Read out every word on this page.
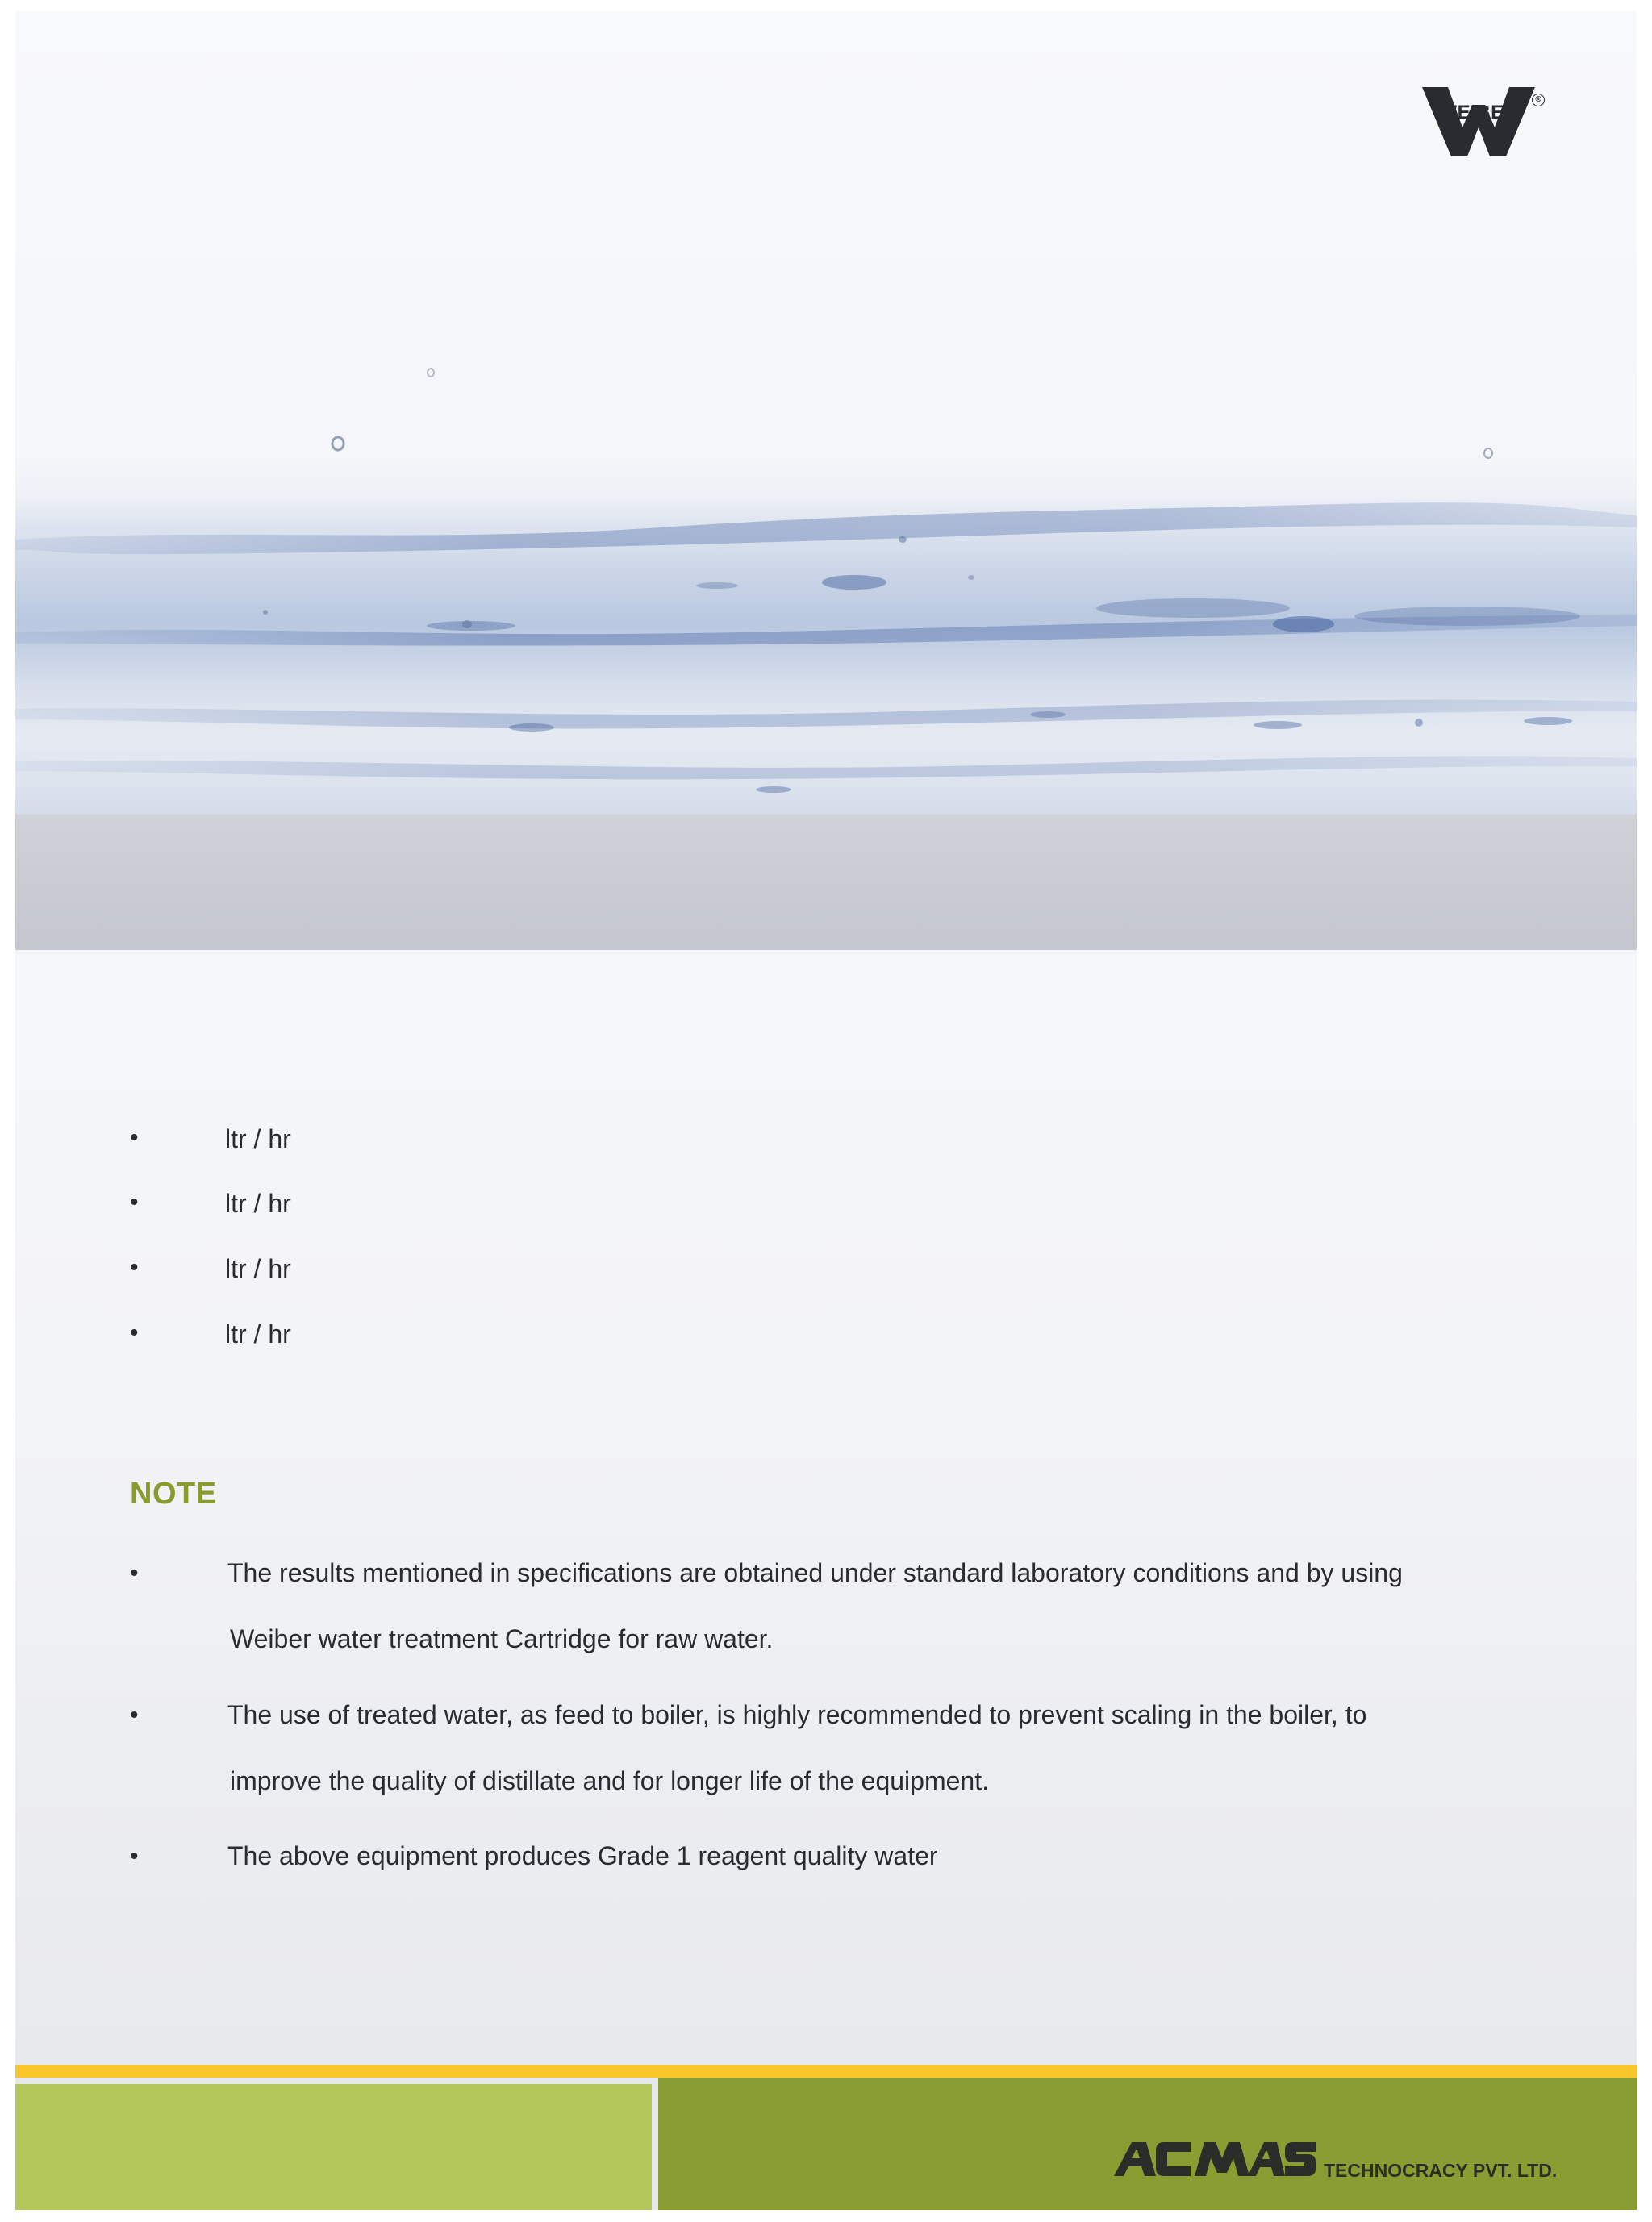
®
•	ltr / hr
•	ltr / hr
•	ltr / hr
•	ltr / hr
NOTE
•	The results mentioned in specifications are obtained under standard laboratory conditions and by using
Weiber water treatment Cartridge for raw water.
•	The use of treated water, as feed to boiler, is highly recommended to prevent scaling in the boiler, to
improve the quality of distillate and for longer life of the equipment.
•	The above equipment produces Grade 1 reagent quality water
TECHNOCRACY PVT. LTD.
